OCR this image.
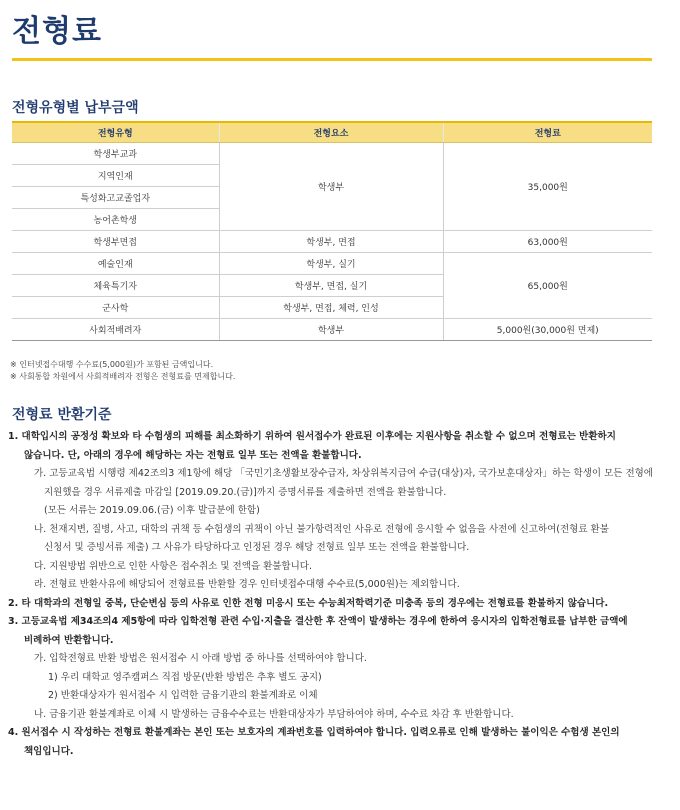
전형료
전형유형별 납부금액
전형유형	전형요소	전형료
학생부교과	학생부	35,000원
지역인재		
특성화고교졸업자		
농어촌학생		
학생부면접	학생부, 면접	63,000원
예술인재	학생부, 실기	65,000원
체육특기자	학생부, 면접, 실기	
군사학	학생부, 면접, 체력, 인성	
사회적배려자	학생부	5,000원(30,000원 면제)
※ 인터넷접수대행 수수료(5,000원)가 포함된 금액입니다.
※ 사회통합 차원에서 사회적배려자 전형은 전형료를 면제합니다.
전형료 반환기준
1. 대학입시의 공정성 확보와 타 수험생의 피해를 최소화하기 위하여 원서접수가 완료된 이후에는 지원사항을 취소할 수 없으며 전형료는 반환하지
않습니다. 단, 아래의 경우에 해당하는 자는 전형료 일부 또는 전액을 환불합니다.
가. 고등교육법 시행령 제42조의3 제1항에 해당 「국민기초생활보장수급자, 차상위복지급여 수급(대상)자, 국가보훈대상자」하는 학생이 모든 전형에
지원했을 경우 서류제출 마감일 [2019.09.20.(금)]까지 증명서류를 제출하면 전액을 환불합니다.
(모든 서류는 2019.09.06.(금) 이후 발급분에 한함)
나. 천재지변, 질병, 사고, 대학의 귀책 등 수험생의 귀책이 아닌 불가항력적인 사유로 전형에 응시할 수 없음을 사전에 신고하여(전형료 환불
신청서 및 증빙서류 제출) 그 사유가 타당하다고 인정된 경우 해당 전형료 일부 또는 전액을 환불합니다.
다. 지원방법 위반으로 인한 사항은 접수취소 및 전액을 환불합니다.
라. 전형료 반환사유에 해당되어 전형료를 반환할 경우 인터넷접수대행 수수료(5,000원)는 제외합니다.
2. 타 대학과의 전형일 중복, 단순변심 등의 사유로 인한 전형 미응시 또는 수능최저학력기준 미충족 등의 경우에는 전형료를 환불하지 않습니다.
3. 고등교육법 제34조의4 제5항에 따라 입학전형 관련 수입·지출을 결산한 후 잔액이 발생하는 경우에 한하여 응시자의 입학전형료를 납부한 금액에
비례하여 반환합니다.
가. 입학전형료 반환 방법은 원서접수 시 아래 방법 중 하나를 선택하여야 합니다.
1) 우리 대학교 영주캠퍼스 직접 방문(반환 방법은 추후 별도 공지)
2) 반환대상자가 원서접수 시 입력한 금융기관의 환불계좌로 이체
나. 금융기관 환불계좌로 이체 시 발생하는 금융수수료는 반환대상자가 부담하여야 하며, 수수료 차감 후 반환합니다.
4. 원서접수 시 작성하는 전형료 환불계좌는 본인 또는 보호자의 계좌번호를 입력하여야 합니다. 입력오류로 인해 발생하는 불이익은 수험생 본인의
책임입니다.
